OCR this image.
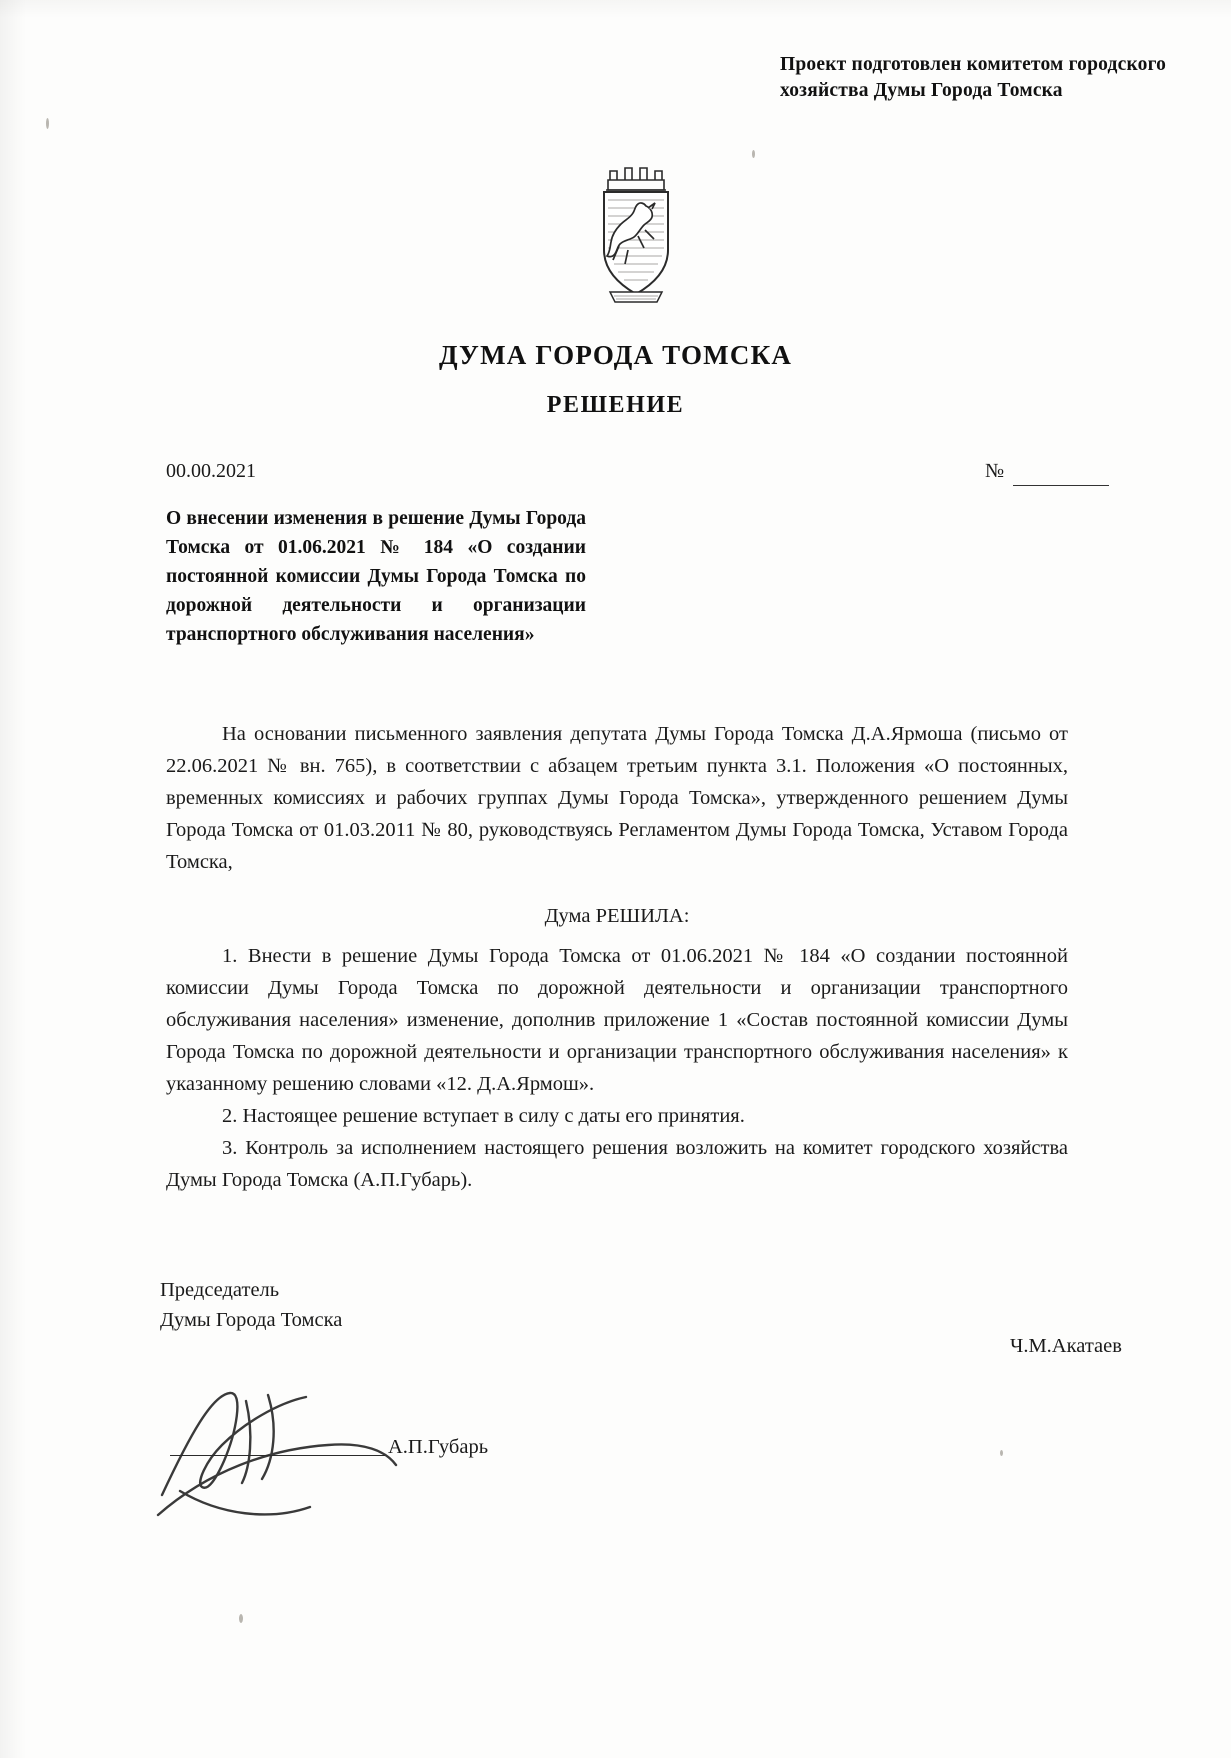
Проект подготовлен комитетом городского хозяйства Думы Города Томска
ДУМА ГОРОДА ТОМСКА
РЕШЕНИЕ
00.00.2021	№
О внесении изменения в решение Думы Города Томска от 01.06.2021 № 184 «О создании постоянной комиссии Думы Города Томска по дорожной деятельности и организации транспортного обслуживания населения»

На основании письменного заявления депутата Думы Города Томска Д.А.Ярмоша (письмо от 22.06.2021 № вн. 765), в соответствии с абзацем третьим пункта 3.1. Положения «О постоянных, временных комиссиях и рабочих группах Думы Города Томска», утвержденного решением Думы Города Томска от 01.03.2011 № 80, руководствуясь Регламентом Думы Города Томска, Уставом Города Томска,

Дума РЕШИЛА:

1. Внести в решение Думы Города Томска от 01.06.2021 № 184 «О создании постоянной комиссии Думы Города Томска по дорожной деятельности и организации транспортного обслуживания населения» изменение, дополнив приложение 1 «Состав постоянной комиссии Думы Города Томска по дорожной деятельности и организации транспортного обслуживания населения» к указанному решению словами «12. Д.А.Ярмош».

2. Настоящее решение вступает в силу с даты его принятия.

3. Контроль за исполнением настоящего решения возложить на комитет городского хозяйства Думы Города Томска (А.П.Губарь).

Председатель
Думы Города Томска
Ч.М.Акатаев
А.П.Губарь
